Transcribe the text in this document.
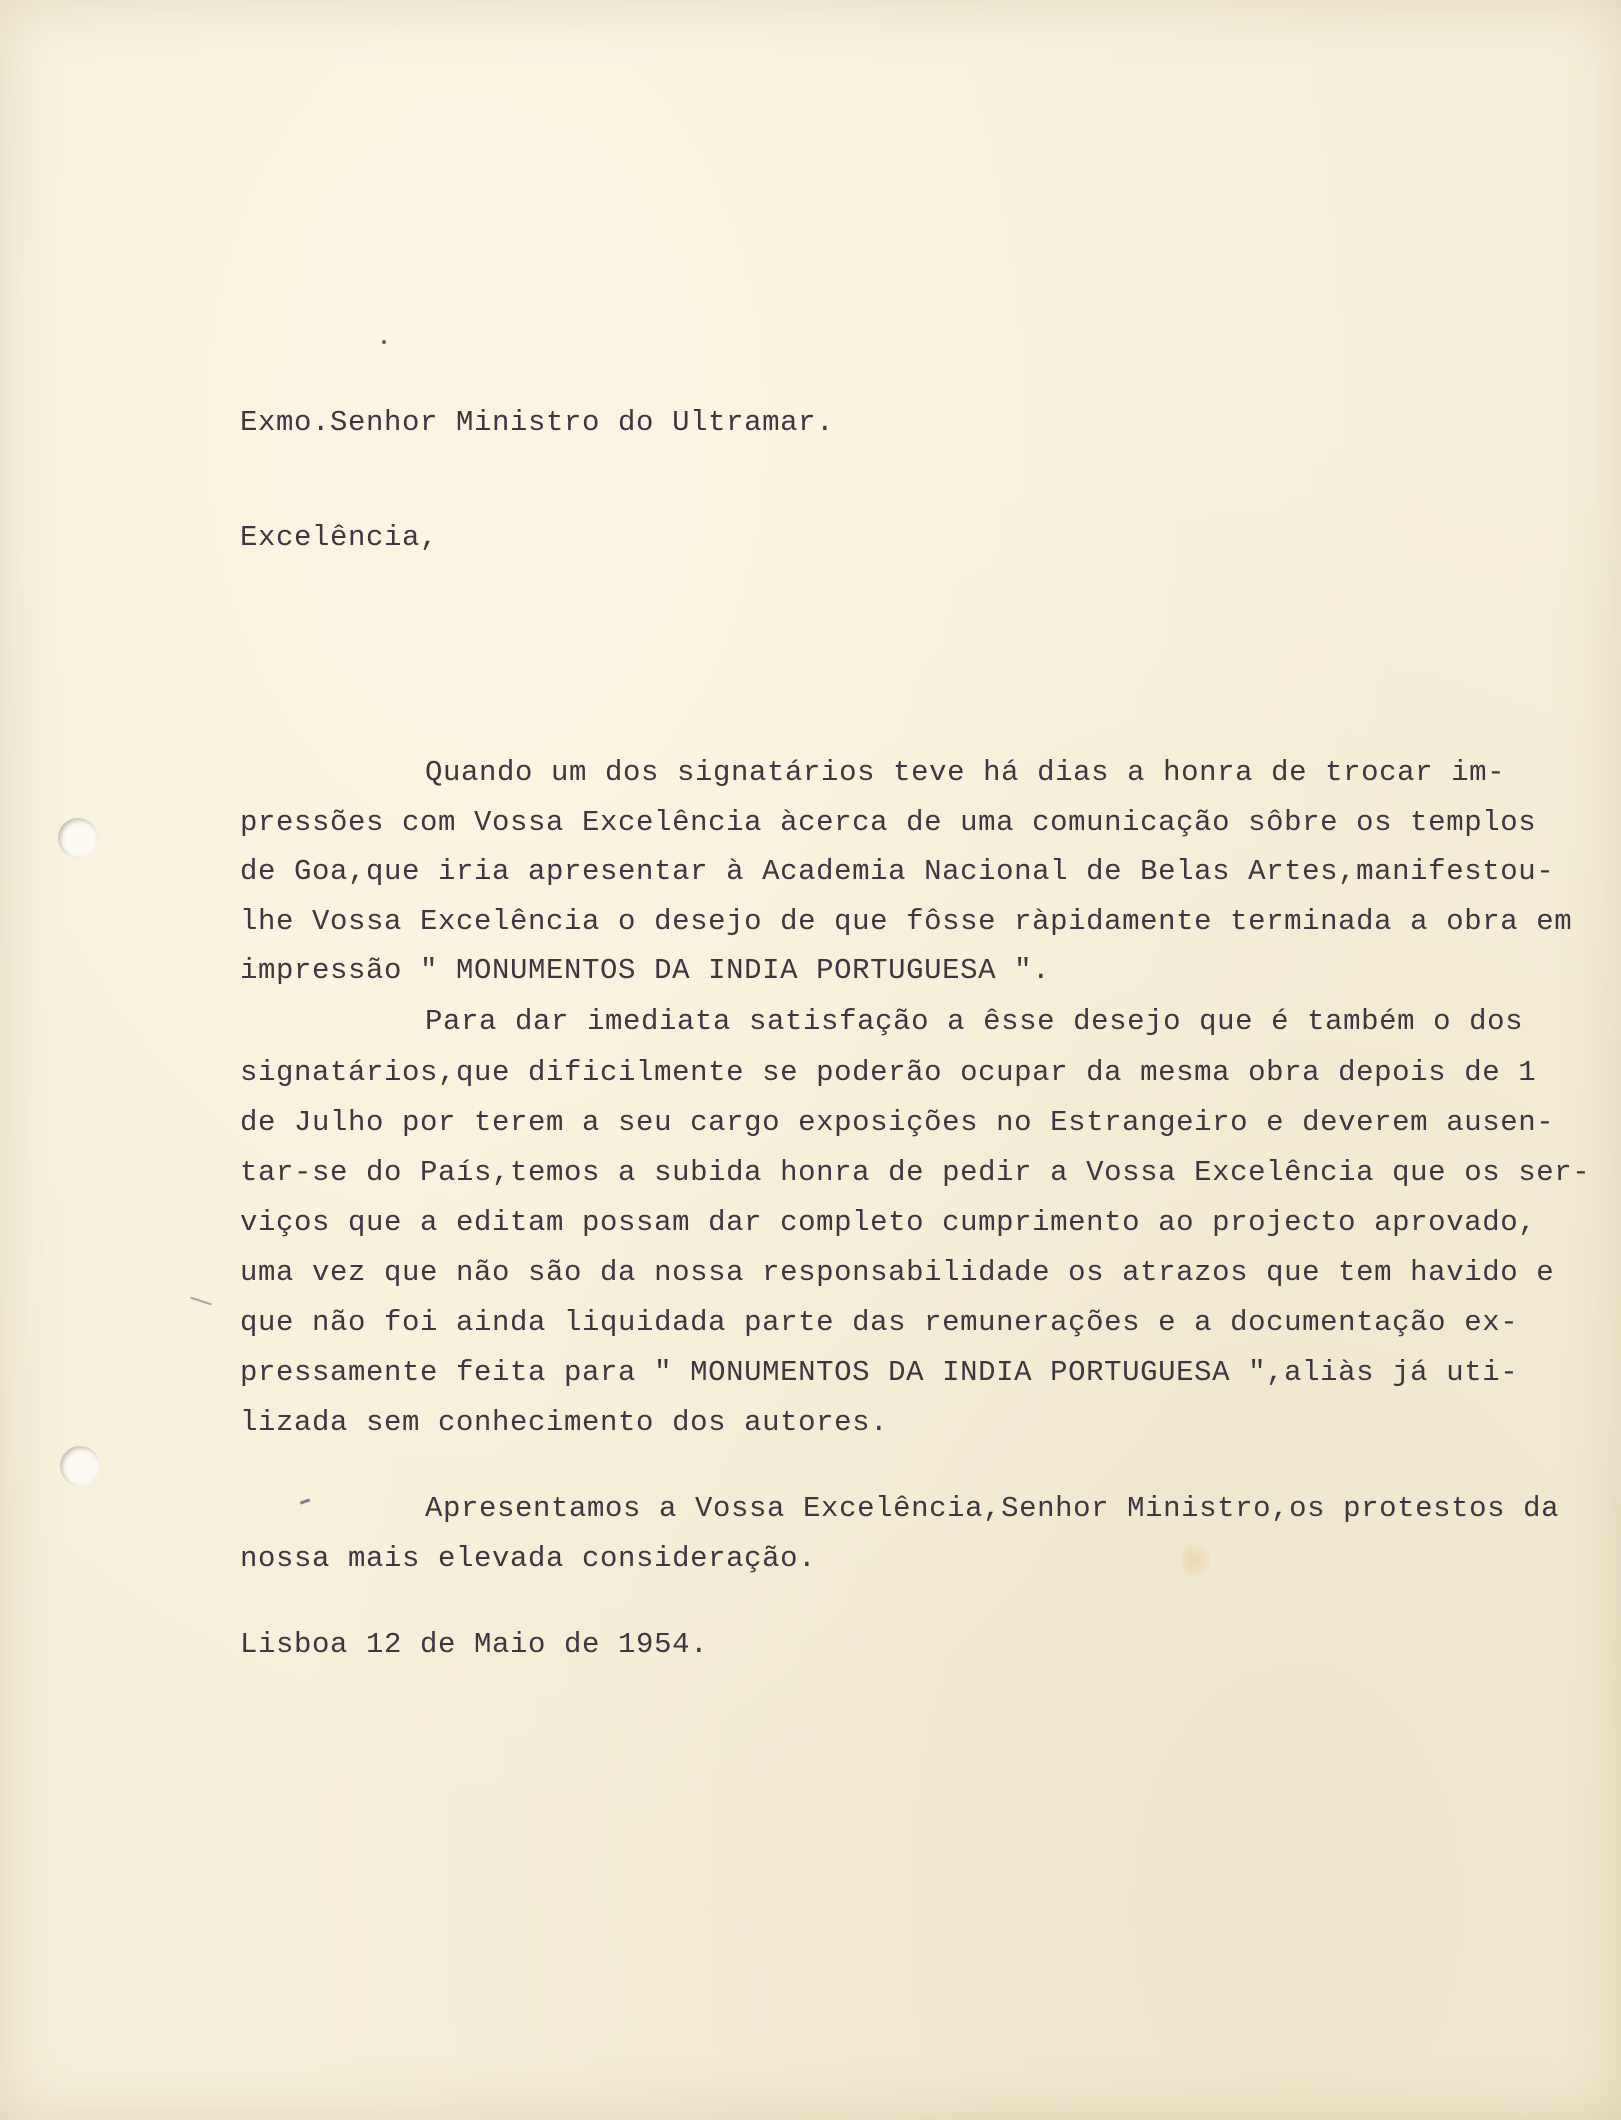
Exmo.Senhor Ministro do Ultramar.
Excelência,
Quando um dos signatários teve há dias a honra de trocar im-
pressões com Vossa Excelência àcerca de uma comunicação sôbre os templos
de Goa,que iria apresentar à Academia Nacional de Belas Artes,manifestou-
lhe Vossa Excelência o desejo de que fôsse ràpidamente terminada a obra em
impressão " MONUMENTOS DA INDIA PORTUGUESA ".
Para dar imediata satisfação a êsse desejo que é também o dos
signatários,que dificilmente se poderão ocupar da mesma obra depois de 1
de Julho por terem a seu cargo exposições no Estrangeiro e deverem ausen-
tar-se do País,temos a subida honra de pedir a Vossa Excelência que os ser-
viços que a editam possam dar completo cumprimento ao projecto aprovado,
uma vez que não são da nossa responsabilidade os atrazos que tem havido e
que não foi ainda liquidada parte das remunerações e a documentação ex-
pressamente feita para " MONUMENTOS DA INDIA PORTUGUESA ",aliàs já uti-
lizada sem conhecimento dos autores.
Apresentamos a Vossa Excelência,Senhor Ministro,os protestos da
nossa mais elevada consideração.
Lisboa 12 de Maio de 1954.
